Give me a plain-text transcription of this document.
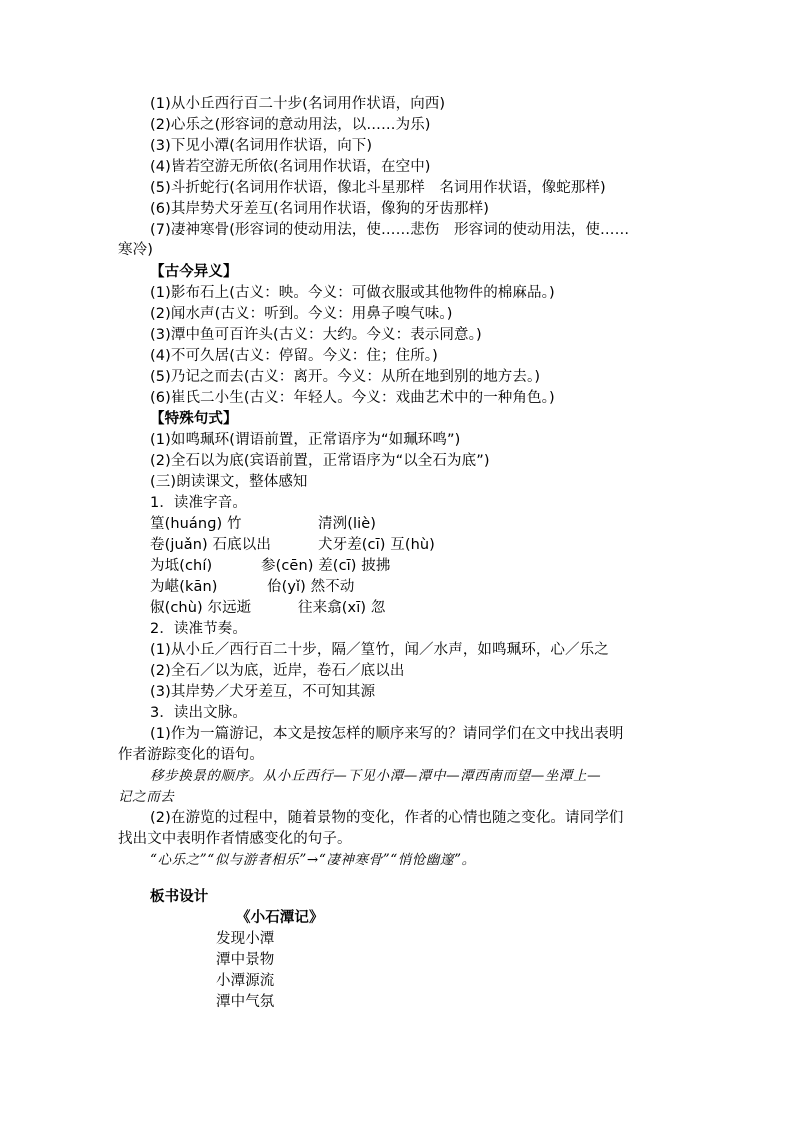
(1)从小丘西行百二十步(名词用作状语，向西)
(2)心乐之(形容词的意动用法，以……为乐)
(3)下见小潭(名词用作状语，向下)
(4)皆若空游无所依(名词用作状语，在空中)
(5)斗折蛇行(名词用作状语，像北斗星那样　名词用作状语，像蛇那样)
(6)其岸势犬牙差互(名词用作状语，像狗的牙齿那样)
(7)凄神寒骨(形容词的使动用法，使……悲伤　形容词的使动用法，使……
寒冷)
【古今异义】
(1)影布石上(古义：映。今义：可做衣服或其他物件的棉麻品。)
(2)闻水声(古义：听到。今义：用鼻子嗅气味。)
(3)潭中鱼可百许头(古义：大约。今义：表示同意。)
(4)不可久居(古义：停留。今义：住；住所。)
(5)乃记之而去(古义：离开。今义：从所在地到别的地方去。)
(6)崔氏二小生(古义：年轻人。今义：戏曲艺术中的一种角色。)
【特殊句式】
(1)如鸣珮环(谓语前置，正常语序为“如珮环鸣”)
(2)全石以为底(宾语前置，正常语序为“以全石为底”)
(三)朗读课文，整体感知
1．读准字音。
篁(huánɡ) 竹	清洌(liè)
卷(juǎn) 石底以出	犬牙差(cī) 互(hù)
为坻(chí)	参(cēn) 差(cī) 披拂
为嵁(kān)	佁(yǐ) 然不动
俶(chù) 尔远逝	往来翕(xī) 忽
2．读准节奏。
(1)从小丘／西行百二十步，隔／篁竹，闻／水声，如鸣珮环，心／乐之
(2)全石／以为底，近岸，卷石／底以出
(3)其岸势／犬牙差互，不可知其源
3．读出文脉。
(1)作为一篇游记，本文是按怎样的顺序来写的？请同学们在文中找出表明
作者游踪变化的语句。
移步换景的顺序。从小丘西行—下见小潭—潭中—潭西南而望—坐潭上—
记之而去
(2)在游览的过程中，随着景物的变化，作者的心情也随之变化。请同学们
找出文中表明作者情感变化的句子。
“心乐之”“似与游者相乐”→“凄神寒骨”“悄怆幽邃”。
板书设计
《小石潭记》
发现小潭
潭中景物
小潭源流
潭中气氛
